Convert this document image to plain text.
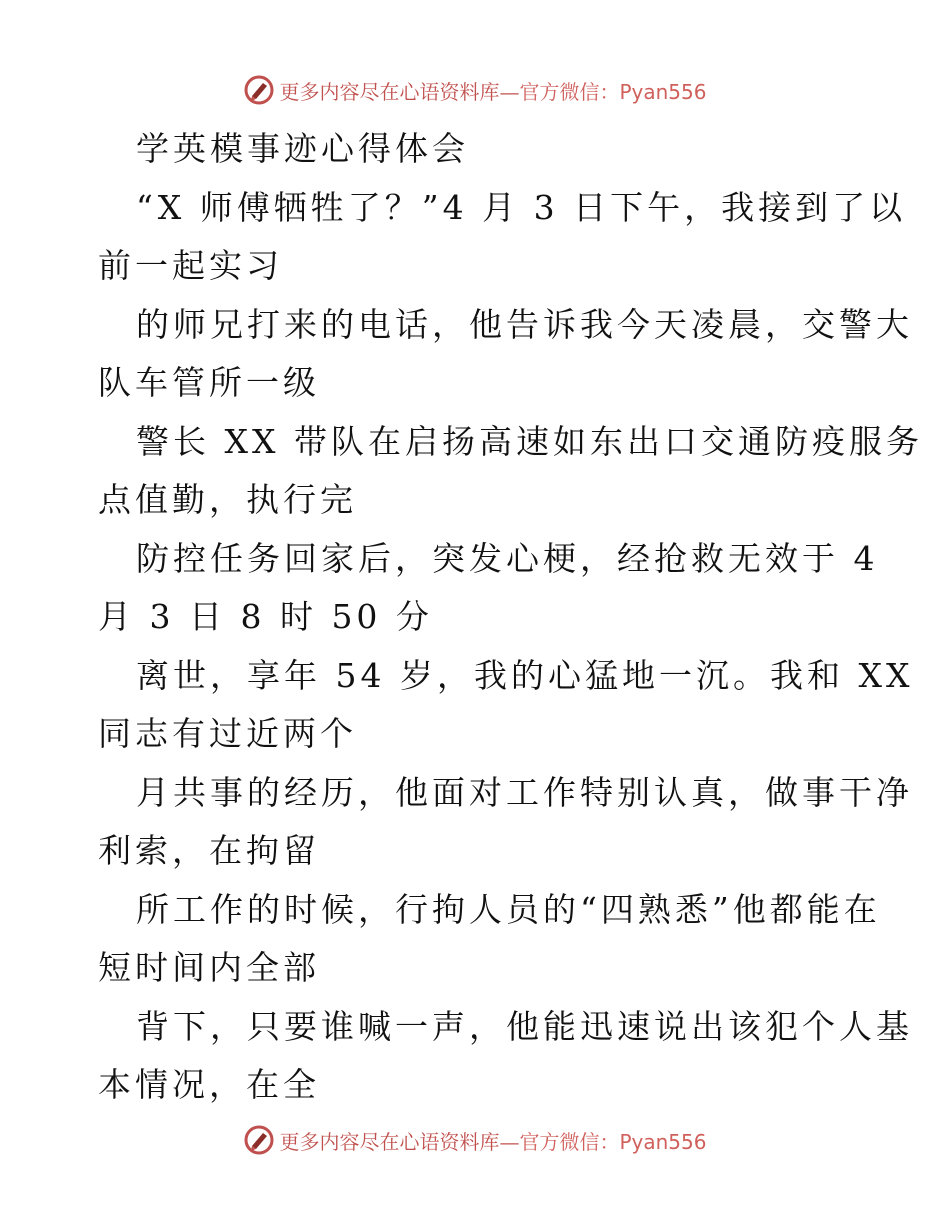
更多内容尽在心语资料库—官方微信：Pyan556
学英模事迹心得体会
“X 师傅牺牲了？”4 月 3 日下午，我接到了以
前一起实习
的师兄打来的电话，他告诉我今天凌晨，交警大
队车管所一级
警长 XX 带队在启扬高速如东出口交通防疫服务
点值勤，执行完
防控任务回家后，突发心梗，经抢救无效于 4
月 3 日 8 时 50 分
离世，享年 54 岁，我的心猛地一沉。我和 XX
同志有过近两个
月共事的经历，他面对工作特别认真，做事干净
利索，在拘留
所工作的时候，行拘人员的“四熟悉”他都能在
短时间内全部
背下，只要谁喊一声，他能迅速说出该犯个人基
本情况，在全
更多内容尽在心语资料库—官方微信：Pyan556
